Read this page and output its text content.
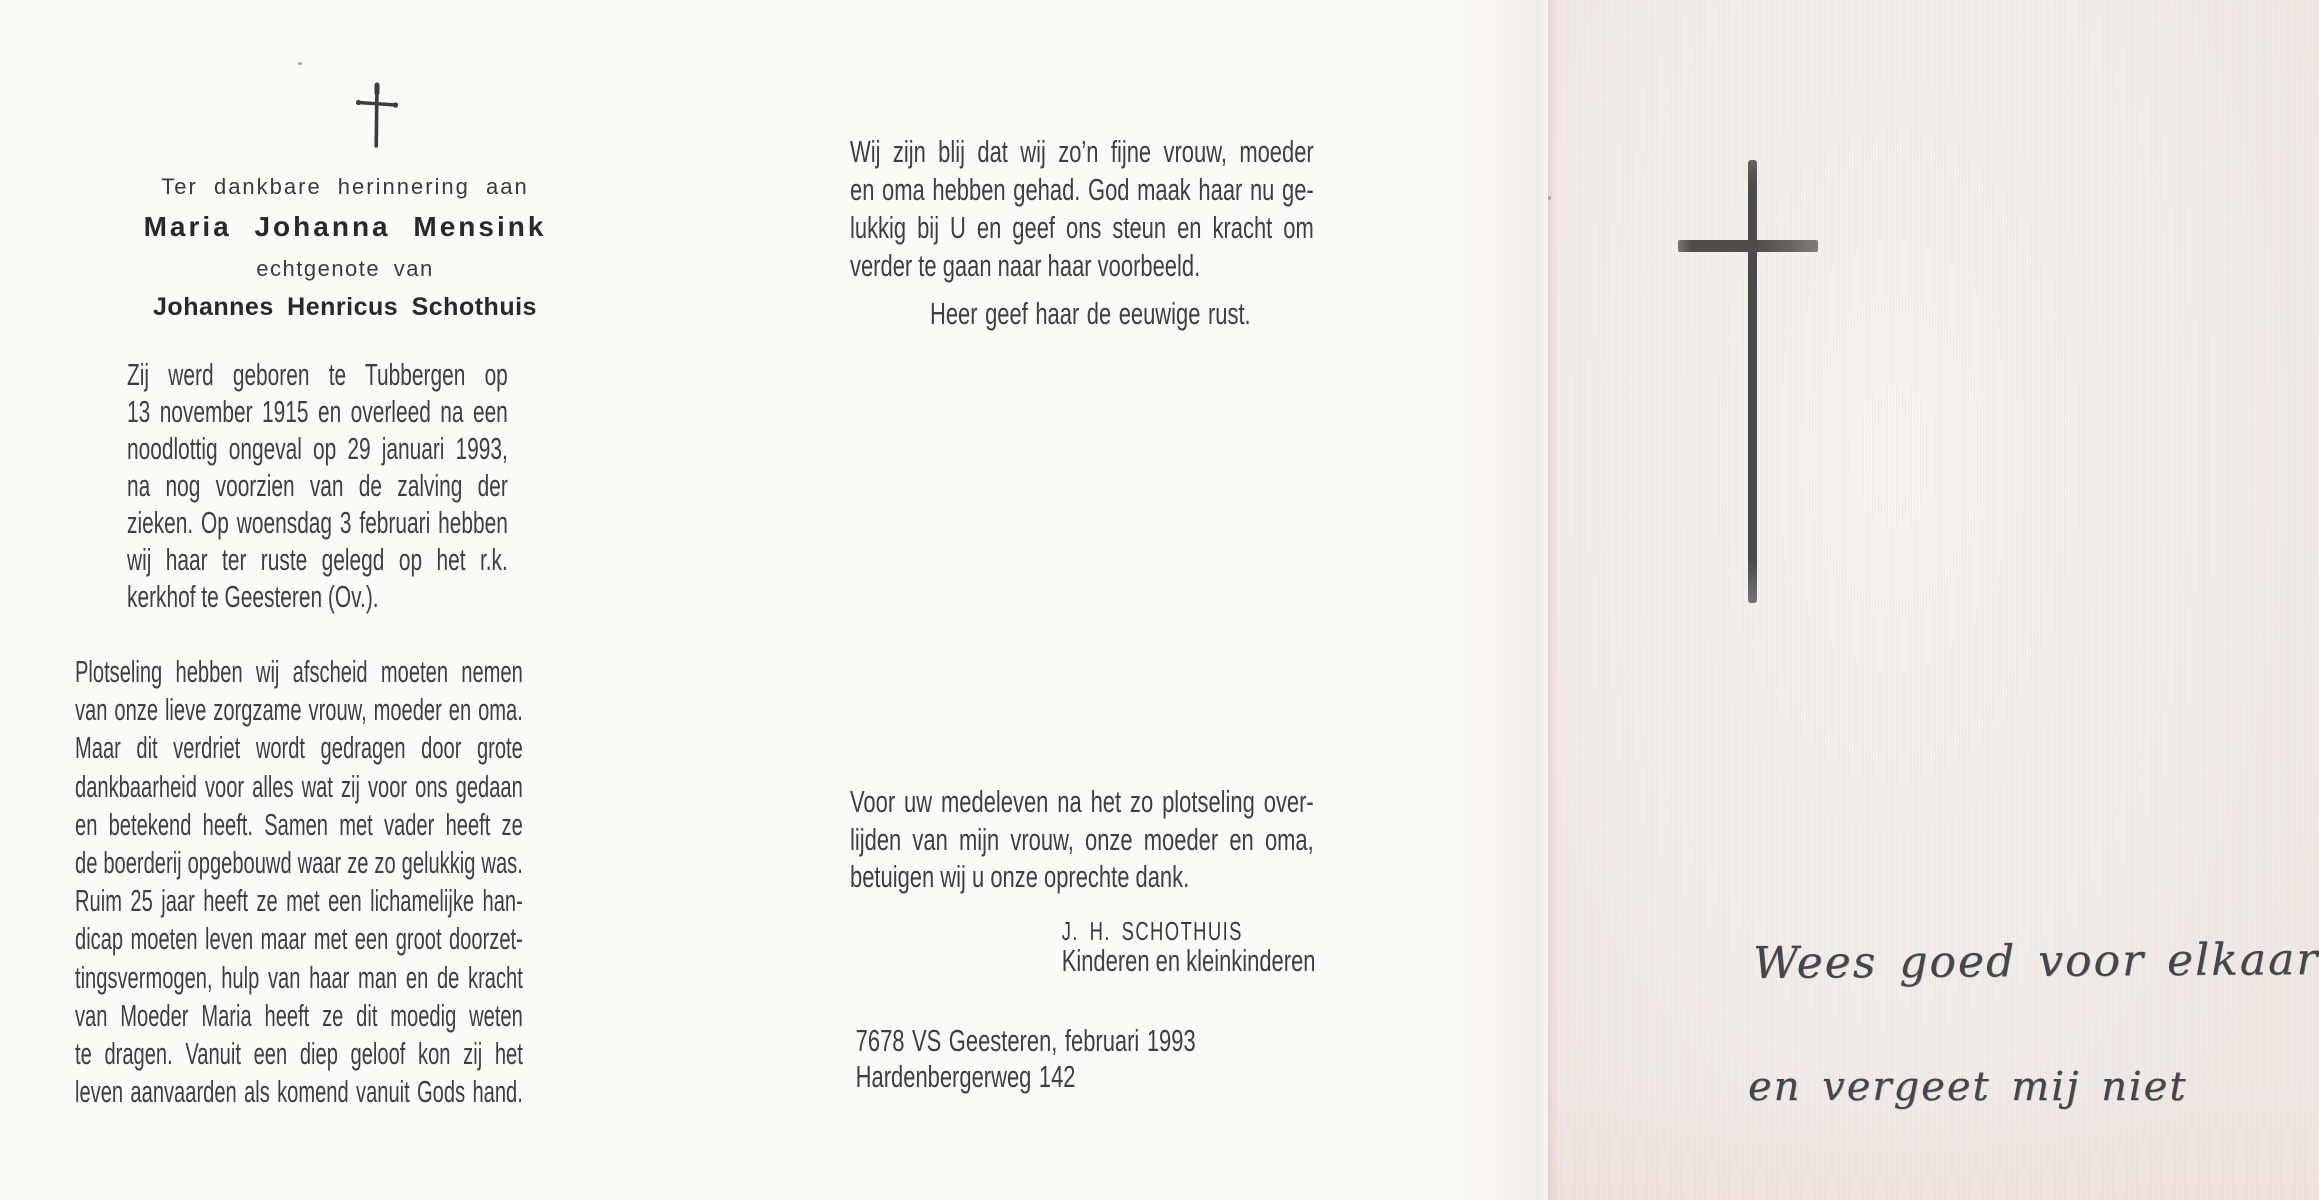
Ter dankbare herinnering aan
Maria Johanna Mensink
echtgenote van
Johannes Henricus Schothuis
Zij werd geboren te Tubbergen op
13 november 1915 en overleed na een
noodlottig ongeval op 29 januari 1993,
na nog voorzien van de zalving der
zieken. Op woensdag 3 februari hebben
wij haar ter ruste gelegd op het r.k.
kerkhof te Geesteren (Ov.).
Plotseling hebben wij afscheid moeten nemen
van onze lieve zorgzame vrouw, moeder en oma.
Maar dit verdriet wordt gedragen door grote
dankbaarheid voor alles wat zij voor ons gedaan
en betekend heeft. Samen met vader heeft ze
de boerderij opgebouwd waar ze zo gelukkig was.
Ruim 25 jaar heeft ze met een lichamelijke han-
dicap moeten leven maar met een groot doorzet-
tingsvermogen, hulp van haar man en de kracht
van Moeder Maria heeft ze dit moedig weten
te dragen. Vanuit een diep geloof kon zij het
leven aanvaarden als komend vanuit Gods hand.
Wij zijn blij dat wij zo’n fijne vrouw, moeder
en oma hebben gehad. God maak haar nu ge-
lukkig bij U en geef ons steun en kracht om
verder te gaan naar haar voorbeeld.
Heer geef haar de eeuwige rust.
Voor uw medeleven na het zo plotseling over-
lijden van mijn vrouw, onze moeder en oma,
betuigen wij u onze oprechte dank.
J. H. SCHOTHUIS
Kinderen en kleinkinderen
7678 VS Geesteren, februari 1993
Hardenbergerweg 142
Wees goed voor elkaar
en vergeet mij niet
